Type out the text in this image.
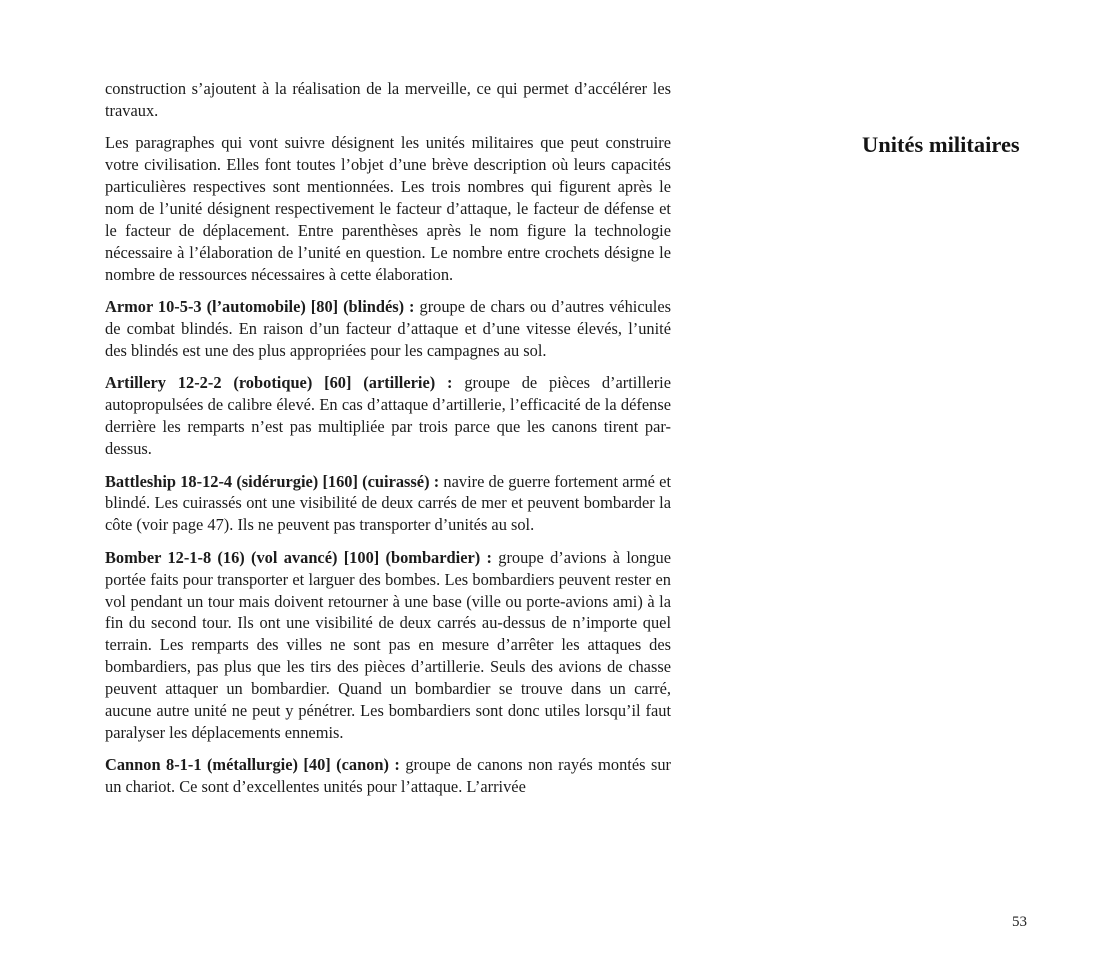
construction s’ajoutent à la réalisation de la merveille, ce qui permet d’accélérer les travaux.

Les paragraphes qui vont suivre désignent les unités militaires que peut construire votre civilisation. Elles font toutes l’objet d’une brève description où leurs capacités particulières respectives sont mentionnées. Les trois nombres qui figurent après le nom de l’unité désignent respectivement le facteur d’attaque, le facteur de défense et le facteur de déplacement. Entre parenthèses après le nom figure la technologie nécessaire à l’élaboration de l’unité en question. Le nombre entre crochets désigne le nombre de ressources nécessaires à cette élaboration.

Armor 10-5-3 (l’automobile) [80] (blindés) : groupe de chars ou d’autres véhicules de combat blindés. En raison d’un facteur d’attaque et d’une vitesse élevés, l’unité des blindés est une des plus appropriées pour les campagnes au sol.

Artillery 12-2-2 (robotique) [60] (artillerie) : groupe de pièces d’artillerie autopropulsées de calibre élevé. En cas d’attaque d’artillerie, l’efficacité de la défense derrière les remparts n’est pas multipliée par trois parce que les canons tirent par-dessus.

Battleship 18-12-4 (sidérurgie) [160] (cuirassé) : navire de guerre fortement armé et blindé. Les cuirassés ont une visibilité de deux carrés de mer et peuvent bombarder la côte (voir page 47). Ils ne peuvent pas transporter d’unités au sol.

Bomber 12-1-8 (16) (vol avancé) [100] (bombardier) : groupe d’avions à longue portée faits pour transporter et larguer des bombes. Les bombardiers peuvent rester en vol pendant un tour mais doivent retourner à une base (ville ou porte-avions ami) à la fin du second tour. Ils ont une visibilité de deux carrés au-dessus de n’importe quel terrain. Les remparts des villes ne sont pas en mesure d’arrêter les attaques des bombardiers, pas plus que les tirs des pièces d’artillerie. Seuls des avions de chasse peuvent attaquer un bombardier. Quand un bombardier se trouve dans un carré, aucune autre unité ne peut y pénétrer. Les bombardiers sont donc utiles lorsqu’il faut paralyser les déplacements ennemis.

Cannon 8-1-1 (métallurgie) [40] (canon) : groupe de canons non rayés montés sur un chariot. Ce sont d’excellentes unités pour l’attaque. L’arrivée

Unités militaires
53
